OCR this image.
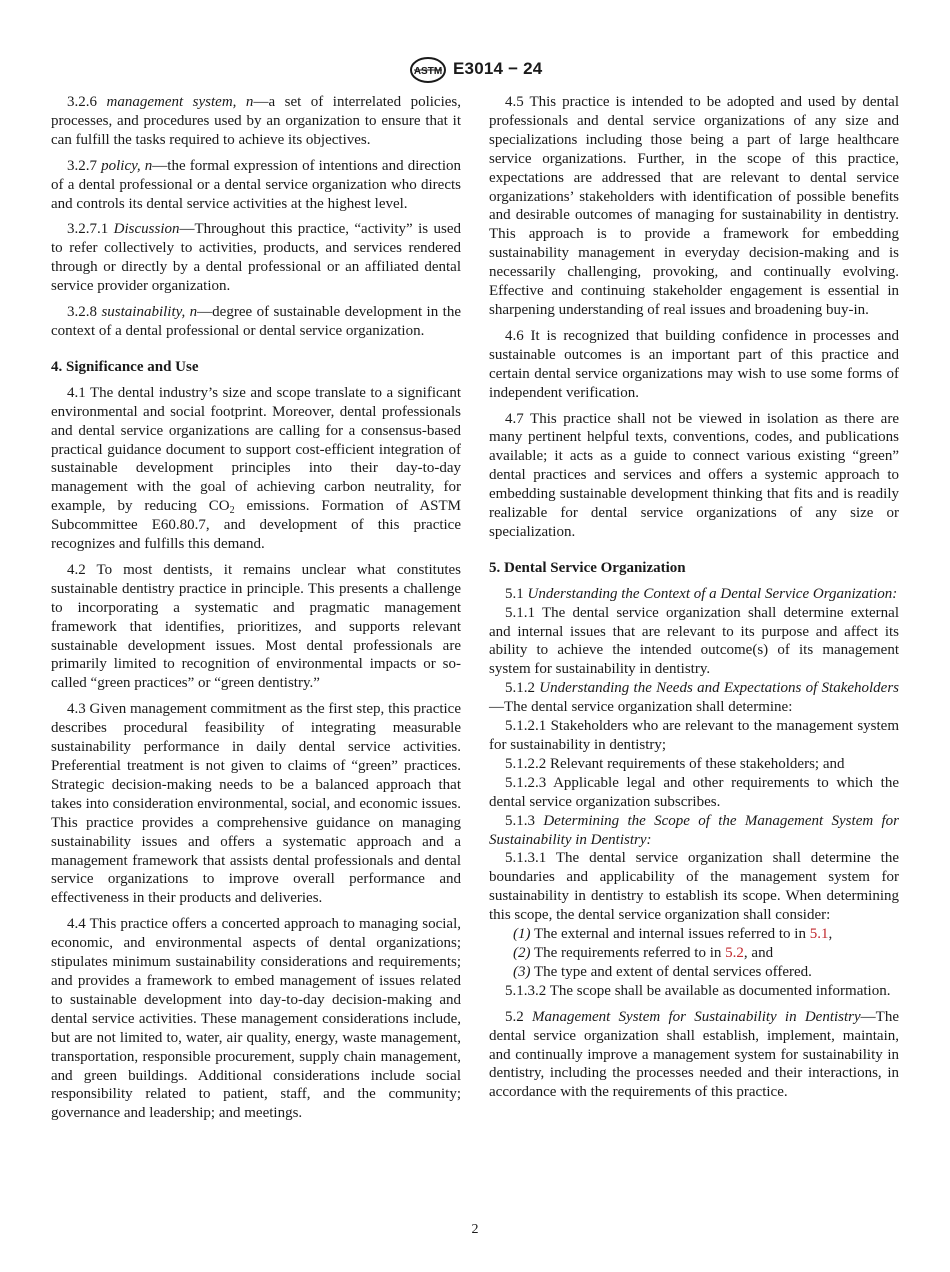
ASTM E3014 − 24

3.2.6 management system, n—a set of interrelated policies, processes, and procedures used by an organization to ensure that it can fulfill the tasks required to achieve its objectives.

3.2.7 policy, n—the formal expression of intentions and direction of a dental professional or a dental service organization who directs and controls its dental service activities at the highest level.

3.2.7.1 Discussion—Throughout this practice, “activity” is used to refer collectively to activities, products, and services rendered through or directly by a dental professional or an affiliated dental service provider organization.

3.2.8 sustainability, n—degree of sustainable development in the context of a dental professional or dental service organization.

4. Significance and Use

4.1 The dental industry’s size and scope translate to a significant environmental and social footprint. Moreover, dental professionals and dental service organizations are calling for a consensus-based practical guidance document to support cost-efficient integration of sustainable development principles into their day-to-day management with the goal of achieving carbon neutrality, for example, by reducing $CO_2$ emissions. Formation of ASTM Subcommittee E60.80.7, and development of this practice recognizes and fulfills this demand.

4.2 To most dentists, it remains unclear what constitutes sustainable dentistry practice in principle. This presents a challenge to incorporating a systematic and pragmatic management framework that identifies, prioritizes, and supports relevant sustainable development issues. Most dental professionals are primarily limited to recognition of environmental impacts or so-called “green practices” or “green dentistry.”

4.3 Given management commitment as the first step, this practice describes procedural feasibility of integrating measurable sustainability performance in daily dental service activities. Preferential treatment is not given to claims of “green” practices. Strategic decision-making needs to be a balanced approach that takes into consideration environmental, social, and economic issues. This practice provides a comprehensive guidance on managing sustainability issues and offers a systematic approach and a management framework that assists dental professionals and dental service organizations to improve overall performance and effectiveness in their products and deliveries.

4.4 This practice offers a concerted approach to managing social, economic, and environmental aspects of dental organizations; stipulates minimum sustainability considerations and requirements; and provides a framework to embed management of issues related to sustainable development into day-to-day decision-making and dental service activities. These management considerations include, but are not limited to, water, air quality, energy, waste management, transportation, responsible procurement, supply chain management, and green buildings. Additional considerations include social responsibility related to patient, staff, and the community; governance and leadership; and meetings.

4.5 This practice is intended to be adopted and used by dental professionals and dental service organizations of any size and specializations including those being a part of large healthcare service organizations. Further, in the scope of this practice, expectations are addressed that are relevant to dental service organizations’ stakeholders with identification of possible benefits and desirable outcomes of managing for sustainability in dentistry. This approach is to provide a framework for embedding sustainability management in everyday decision-making and is necessarily challenging, provoking, and continually evolving. Effective and continuing stakeholder engagement is essential in sharpening understanding of real issues and broadening buy-in.

4.6 It is recognized that building confidence in processes and sustainable outcomes is an important part of this practice and certain dental service organizations may wish to use some forms of independent verification.

4.7 This practice shall not be viewed in isolation as there are many pertinent helpful texts, conventions, codes, and publications available; it acts as a guide to connect various existing “green” dental practices and services and offers a systemic approach to embedding sustainable development thinking that fits and is readily realizable for dental service organizations of any size or specialization.

5. Dental Service Organization

5.1 Understanding the Context of a Dental Service Organization:

5.1.1 The dental service organization shall determine external and internal issues that are relevant to its purpose and affect its ability to achieve the intended outcome(s) of its management system for sustainability in dentistry.

5.1.2 Understanding the Needs and Expectations of Stakeholders—The dental service organization shall determine:

5.1.2.1 Stakeholders who are relevant to the management system for sustainability in dentistry;

5.1.2.2 Relevant requirements of these stakeholders; and

5.1.2.3 Applicable legal and other requirements to which the dental service organization subscribes.

5.1.3 Determining the Scope of the Management System for Sustainability in Dentistry:

5.1.3.1 The dental service organization shall determine the boundaries and applicability of the management system for sustainability in dentistry to establish its scope. When determining this scope, the dental service organization shall consider:

(1) The external and internal issues referred to in 5.1,

(2) The requirements referred to in 5.2, and

(3) The type and extent of dental services offered.

5.1.3.2 The scope shall be available as documented information.

5.2 Management System for Sustainability in Dentistry—The dental service organization shall establish, implement, maintain, and continually improve a management system for sustainability in dentistry, including the processes needed and their interactions, in accordance with the requirements of this practice.

2
